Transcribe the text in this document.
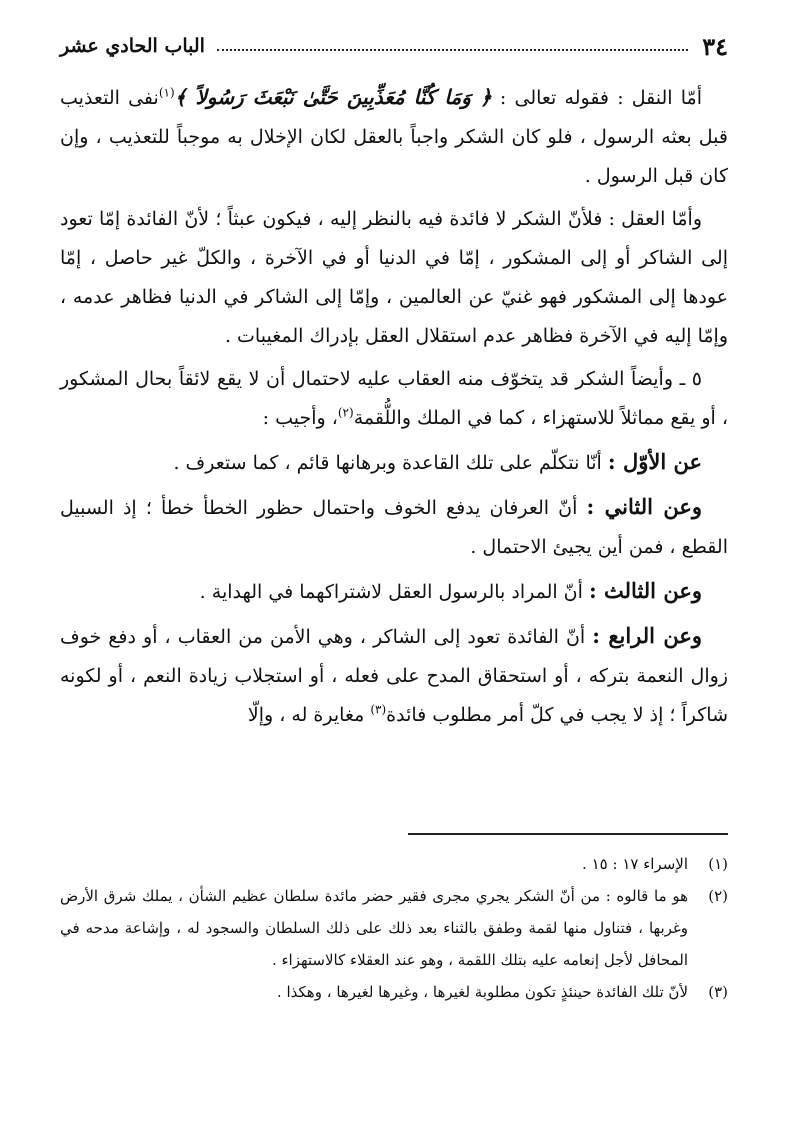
٣٤
الباب الحادي عشر

أمّا النقل : فقوله تعالى : ﴿ وَمَا كُنَّا مُعَذِّبِينَ حَتَّىٰ نَبْعَثَ رَسُولاً ﴾$^{(١)}$نفى التعذيب قبل بعثه الرسول ، فلو كان الشكر واجباً بالعقل لكان الإخلال به موجباً للتعذيب ، وإن كان قبل الرسول .

وأمّا العقل : فلأنّ الشكر لا فائدة فيه بالنظر إليه ، فيكون عبثاً ؛ لأنّ الفائدة إمّا تعود إلى الشاكر أو إلى المشكور ، إمّا في الدنيا أو في الآخرة ، والكلّ غير حاصل ، إمّا عودها إلى المشكور فهو غنيّ عن العالمين ، وإمّا إلى الشاكر في الدنيا فظاهر عدمه ، وإمّا إليه في الآخرة فظاهر عدم استقلال العقل بإدراك المغيبات .

٥ ـ وأيضاً الشكر قد يتخوّف منه العقاب عليه لاحتمال أن لا يقع لائقاً بحال المشكور ، أو يقع مماثلاً للاستهزاء ، كما في الملك واللُّقمة$^{(٢)}$، وأجيب :

عن الأوّل : أنّا نتكلّم على تلك القاعدة وبرهانها قائم ، كما ستعرف .

وعن الثاني : أنّ العرفان يدفع الخوف واحتمال حظور الخطأ خطأ ؛ إذ السبيل القطع ، فمن أين يجيئ الاحتمال .

وعن الثالث : أنّ المراد بالرسول العقل لاشتراكهما في الهداية .

وعن الرابع : أنّ الفائدة تعود إلى الشاكر ، وهي الأمن من العقاب ، أو دفع خوف زوال النعمة بتركه ، أو استحقاق المدح على فعله ، أو استجلاب زيادة النعم ، أو لكونه شاكراً ؛ إذ لا يجب في كلّ أمر مطلوب فائدة$^{(٣)}$ مغايرة له ، وإلّا

(١)
الإسراء ١٧ : ١٥ .
(٢)
هو ما قالوه : من أنّ الشكر يجري مجرى فقير حضر مائدة سلطان عظيم الشأن ، يملك شرق الأرض وغربها ، فتناول منها لقمة وطفق بالثناء بعد ذلك على ذلك السلطان والسجود له ، وإشاعة مدحه في المحافل لأجل إنعامه عليه بتلك اللقمة ، وهو عند العقلاء كالاستهزاء .
(٣)
لأنّ تلك الفائدة حينئذٍ تكون مطلوبة لغيرها ، وغيرها لغيرها ، وهكذا .
